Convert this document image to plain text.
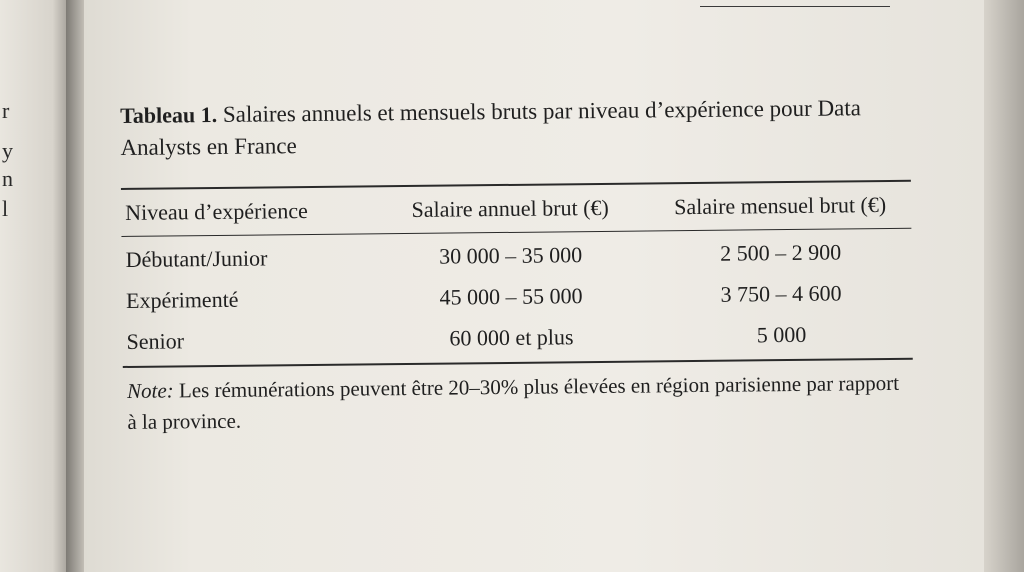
r
y
n
l

Tableau 1. Salaires annuels et mensuels bruts par niveau d’expérience pour Data Analysts en France

Niveau d’expérience	Salaire annuel brut (€)	Salaire mensuel brut (€)
Débutant/Junior	30 000 – 35 000	2 500 – 2 900
Expérimenté	45 000 – 55 000	3 750 – 4 600
Senior	60 000 et plus	5 000

Note: Les rémunérations peuvent être 20–30% plus élevées en région parisienne par rapport à la province.
